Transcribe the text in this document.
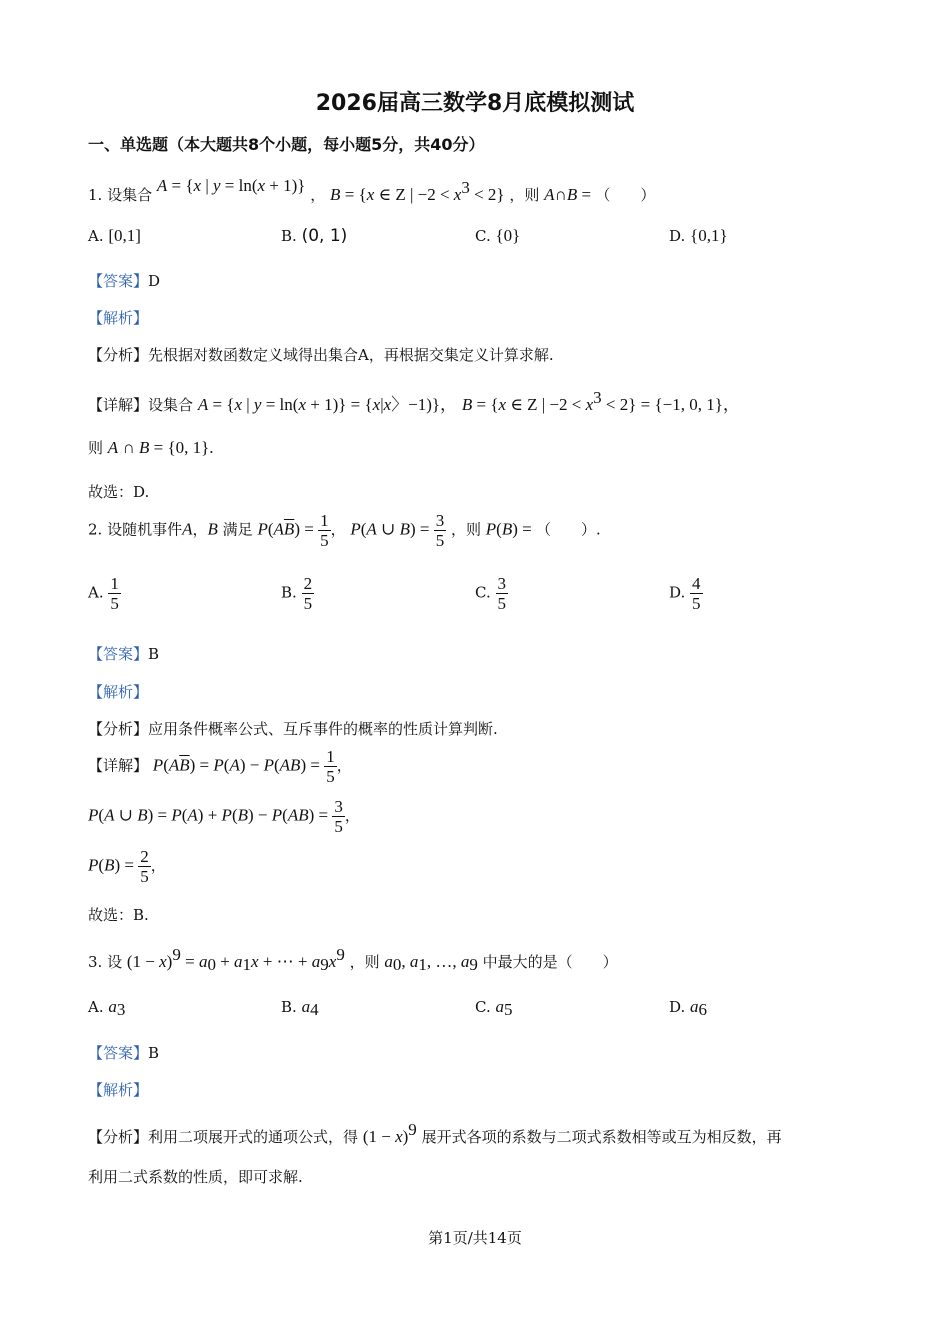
2026届高三数学8月底模拟测试
一、单选题（本大题共8个小题，每小题5分，共40分）
1. 设集合 A = {x | y = ln(x + 1)} ， B = {x ∈ Z | $-2 < x^3 < 2$} ，则 A∩B = （　　）
A. [0,1]	B. (0, 1)	C. {0}	D. {0,1}
【答案】D
【解析】
【分析】先根据对数函数定义域得出集合A，再根据交集定义计算求解.
【详解】设集合 A = {x | y = ln(x + 1)} = {x|x〉−1)}， B = {x ∈ Z | $-2 < x^3 < 2\} = \{-1$, 0, 1}，
则 A ∩ B = {0, 1}.
故选：D.
2. 设随机事件A，B 满足 $P(A\overline{B}) = \frac{1}{5}$ ， P(A ∪ $B) = \frac{3}{5}$ ，则 P(B) = （　　）.
A. $\frac{1}{5}$	B. $\frac{2}{5}$	C. $\frac{3}{5}$	D. $\frac{4}{5}$
【答案】B
【解析】
【分析】应用条件概率公式、互斥事件的概率的性质计算判断.
【详解】 $P(A\overline{B}) = P(A) - P(AB) = \frac{1}{5}$ ，
P(A ∪ $B) = P(A) + P(B) - P(AB) = \frac{3}{5}$ ，
$P(B) = \frac{2}{5}$ ，
故选：B.
3. 设 $(1 - x)^9 = a_0 + a_1x$ + ⋯ + $a_9x^9$ ，则 $a_0$, $a_1$, …, $a_9$ 中最大的是（　　）
A. $a_3$	B. $a_4$	C. $a_5$	D. $a_6$
【答案】B
【解析】
【分析】利用二项展开式的通项公式，得 $(1 - x)^9$ 展开式各项的系数与二项式系数相等或互为相反数，再
利用二式系数的性质，即可求解.
第1页/共14页
